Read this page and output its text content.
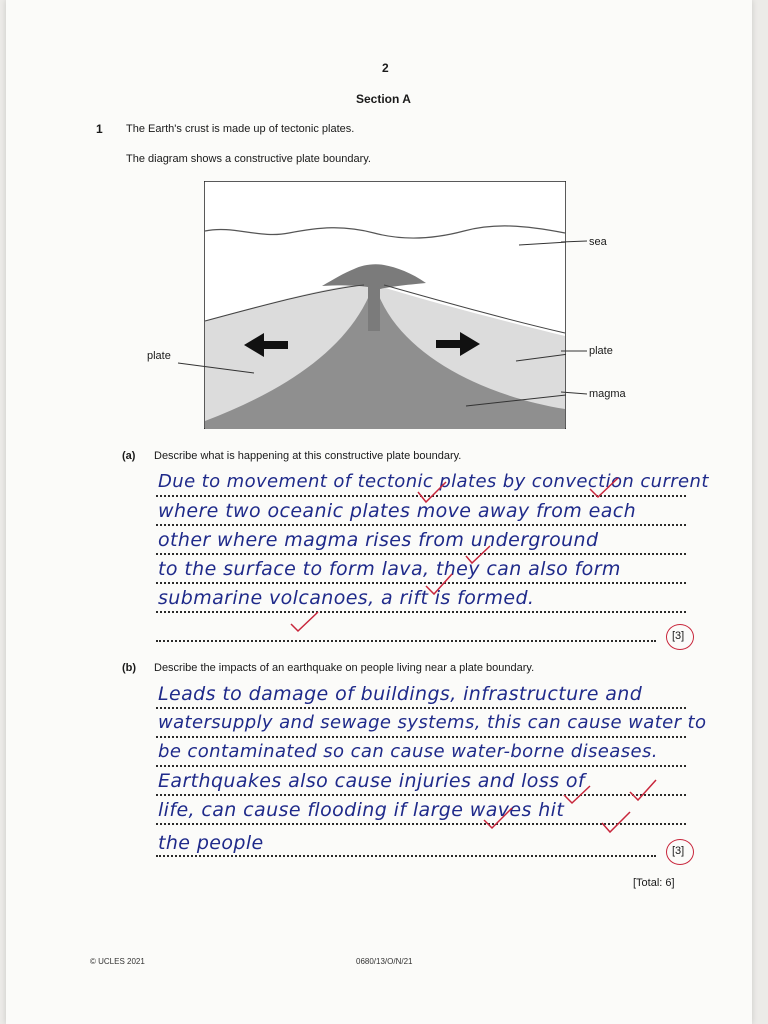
2
Section A
1 The Earth's crust is made up of tectonic plates.
The diagram shows a constructive plate boundary.
plate
sea
plate
magma
(a) Describe what is happening at this constructive plate boundary.
Due to movement of tectonic plates by convection current
where two oceanic plates move away from each
other where magma rises from underground
to the surface to form lava, they can also form
submarine volcanoes, a rift is formed.
[3]
(b) Describe the impacts of an earthquake on people living near a plate boundary.
Leads to damage of buildings, infrastructure and
watersupply and sewage systems, this can cause water to
be contaminated so can cause water-borne diseases.
Earthquakes also cause injuries and loss of
life, can cause flooding if large waves hit
the people	[3]
[Total: 6]
© UCLES 2021	0680/13/O/N/21
